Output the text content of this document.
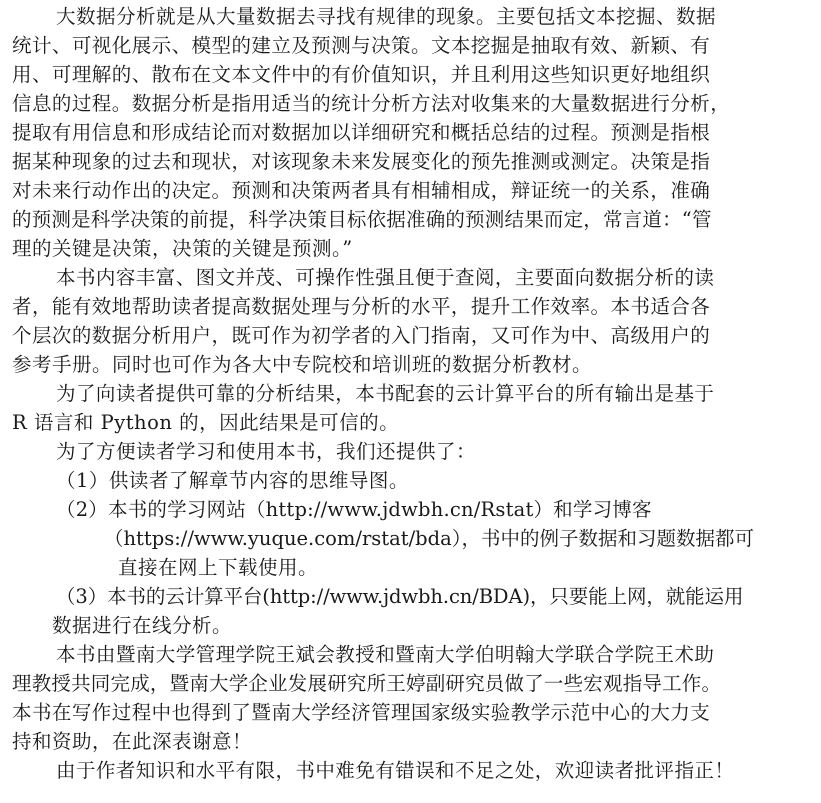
大数据分析就是从大量数据去寻找有规律的现象。主要包括文本挖掘、数据
统计、可视化展示、模型的建立及预测与决策。文本挖掘是抽取有效、新颖、有
用、可理解的、散布在文本文件中的有价值知识，并且利用这些知识更好地组织
信息的过程。数据分析是指用适当的统计分析方法对收集来的大量数据进行分析，
提取有用信息和形成结论而对数据加以详细研究和概括总结的过程。预测是指根
据某种现象的过去和现状，对该现象未来发展变化的预先推测或测定。决策是指
对未来行动作出的决定。预测和决策两者具有相辅相成，辩证统一的关系，准确
的预测是科学决策的前提，科学决策目标依据准确的预测结果而定，常言道：“管
理的关键是决策，决策的关键是预测。”
本书内容丰富、图文并茂、可操作性强且便于查阅，主要面向数据分析的读
者，能有效地帮助读者提高数据处理与分析的水平，提升工作效率。本书适合各
个层次的数据分析用户，既可作为初学者的入门指南，又可作为中、高级用户的
参考手册。同时也可作为各大中专院校和培训班的数据分析教材。
为了向读者提供可靠的分析结果，本书配套的云计算平台的所有输出是基于
R 语言和 Python 的，因此结果是可信的。
为了方便读者学习和使用本书，我们还提供了：
（1）供读者了解章节内容的思维导图。
（2）本书的学习网站（http://www.jdwbh.cn/Rstat）和学习博客
（https://www.yuque.com/rstat/bda），书中的例子数据和习题数据都可
直接在网上下载使用。
（3）本书的云计算平台(http://www.jdwbh.cn/BDA)，只要能上网，就能运用
数据进行在线分析。
本书由暨南大学管理学院王斌会教授和暨南大学伯明翰大学联合学院王术助
理教授共同完成，暨南大学企业发展研究所王婷副研究员做了一些宏观指导工作。
本书在写作过程中也得到了暨南大学经济管理国家级实验教学示范中心的大力支
持和资助，在此深表谢意！
由于作者知识和水平有限，书中难免有错误和不足之处，欢迎读者批评指正！
